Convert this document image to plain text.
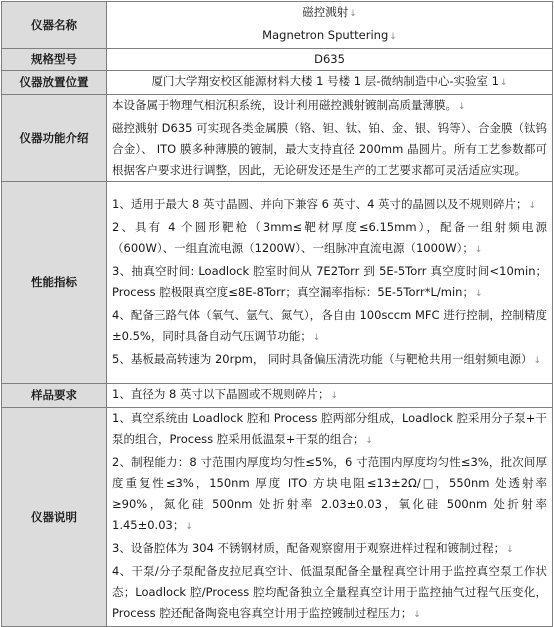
仪器名称	磁控溅射↓
Magnetron Sputtering↓

规格型号	D635
仪器放置位置	厦门大学翔安校区能源材料大楼 1 号楼 1 层-微纳制造中心-实验室 1↓
仪器功能介绍	本设备属于物理气相沉积系统，设计利用磁控溅射镀制高质量薄膜。↓

磁控溅射 D635 可实现各类金属膜（铬、钽、钛、铂、金、银、钨等）、合金膜（钛钨合金）、 ITO 膜多种薄膜的镀制，最大支持直径 200mm 晶圆片。所有工艺参数都可根据客户要求进行调整，因此，无论研发还是生产的工艺要求都可灵活适应实现。

性能指标	1、适用于最大 8 英寸晶圆、并向下兼容 6 英寸、4 英寸的晶圆以及不规则碎片；↓

2、具有 4 个圆形靶枪（3mm≤靶材厚度≤6.15mm），配备一组射频电源（600W）、一组直流电源（1200W）、一组脉冲直流电源（1000W）；↓

3、抽真空时间: Loadlock 腔室时间从 7E2Torr 到 5E-5Torr 真空度时间<10min；Process 腔极限真空度≤8E-8Torr；真空漏率指标：5E-5Torr*L/min；↓

4、配备三路气体（氧气、氩气、氮气），各自由 100sccm MFC 进行控制，控制精度±0.5%，同时具备自动气压调节功能；↓

5、基板最高转速为 20rpm， 同时具备偏压清洗功能（与靶枪共用一组射频电源）↓

样品要求	1、直径为 8 英寸以下晶圆或不规则碎片；↓
仪器说明	1、真空系统由 Loadlock 腔和 Process 腔两部分组成，Loadlock 腔采用分子泵+干泵的组合，Process 腔采用低温泵+干泵的组合；↓

2、制程能力：8 寸范围内厚度均匀性≤5%，6 寸范围内厚度均匀性≤3%，批次间厚度重复性≤3%，150nm 厚度 ITO 方块电阻≤13±2Ω/□，550nm 处透射率≥90%，氮化硅 500nm 处折射率 2.03±0.03，氧化硅 500nm 处折射率 1.45±0.03；↓

3、设备腔体为 304 不锈钢材质，配备观察窗用于观察进样过程和镀制过程；↓

4、干泵/分子泵配备皮拉尼真空计、低温泵配备全量程真空计用于监控真空泵工作状态；Loadlock 腔/Process 腔均配备独立全量程真空计用于监控抽气过程气压变化，Process 腔还配备陶瓷电容真空计用于监控镀制过程压力；↓
